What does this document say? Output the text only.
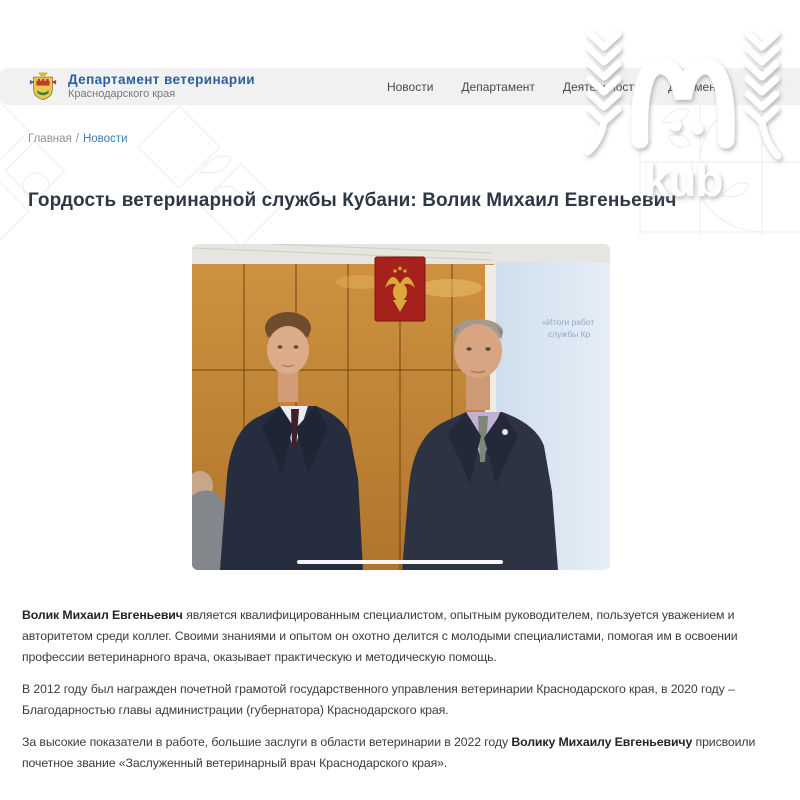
Департамент ветеринарии
Краснодарского края	Новости Департамент Деятельность Документы ...
Главная / Новости
Гордость ветеринарной службы Кубани: Волик Михаил Евгеньевич
«Итоги работ
службы Кр

Волик Михаил Евгеньевич является квалифицированным специалистом, опытным руководителем, пользуется уважением и авторитетом среди коллег. Своими знаниями и опытом он охотно делится с молодыми специалистами, помогая им в освоении профессии ветеринарного врача, оказывает практическую и методическую помощь.

В 2012 году был награжден почетной грамотой государственного управления ветеринарии Краснодарского края, в 2020 году – Благодарностью главы администрации (губернатора) Краснодарского края.

За высокие показатели в работе, большие заслуги в области ветеринарии в 2022 году Волику Михаилу Евгеньевичу присвоили почетное звание «Заслуженный ветеринарный врач Краснодарского края».

kub
